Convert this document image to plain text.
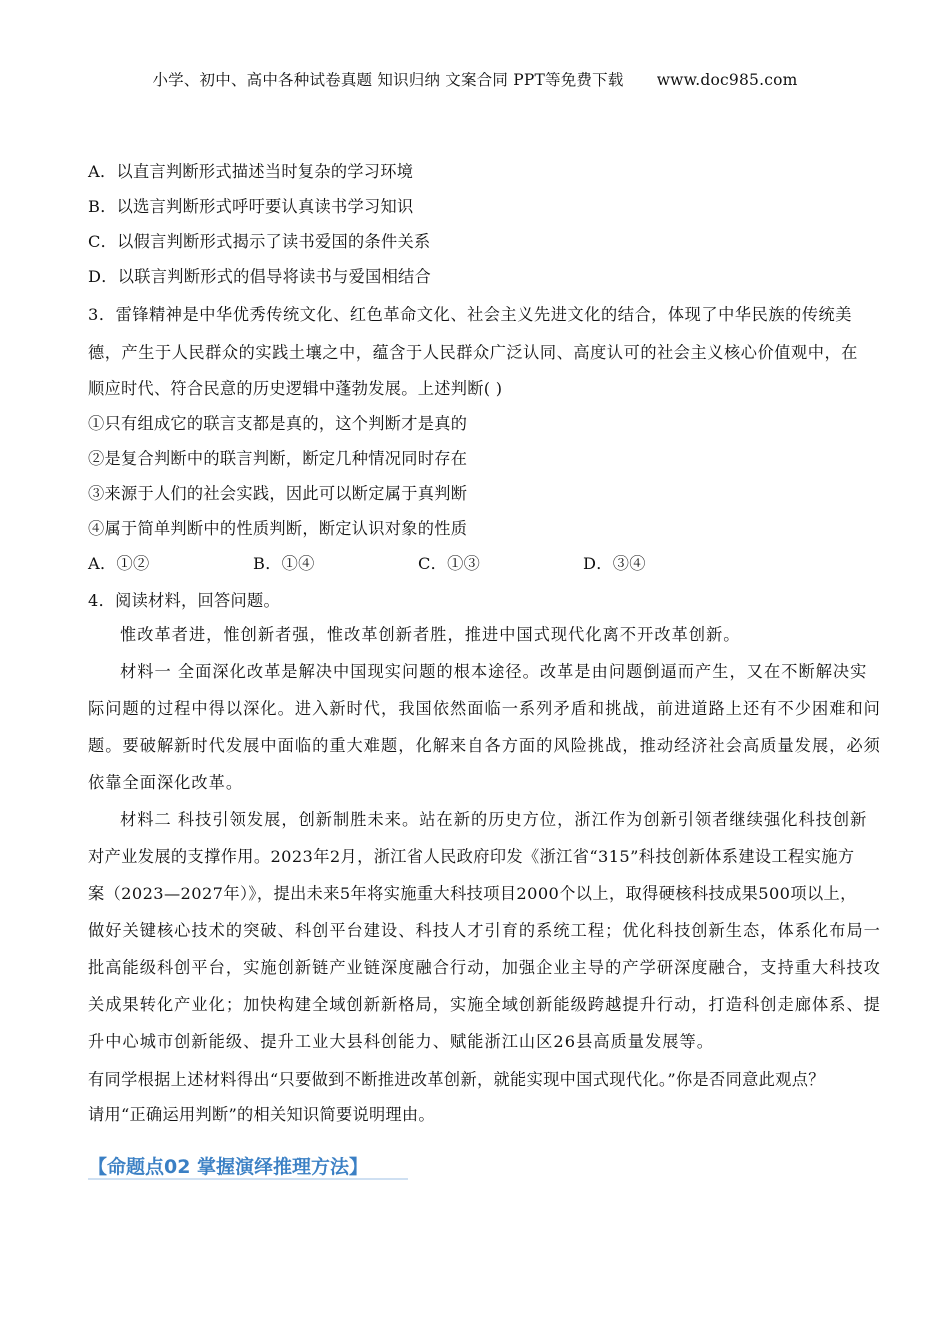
小学、初中、高中各种试卷真题 知识归纳 文案合同 PPT等免费下载 www.doc985.com
A．以直言判断形式描述当时复杂的学习环境
B．以选言判断形式呼吁要认真读书学习知识
C．以假言判断形式揭示了读书爱国的条件关系
D．以联言判断形式的倡导将读书与爱国相结合
3．雷锋精神是中华优秀传统文化、红色革命文化、社会主义先进文化的结合，体现了中华民族的传统美
德，产生于人民群众的实践土壤之中，蕴含于人民群众广泛认同、高度认可的社会主义核心价值观中，在
顺应时代、符合民意的历史逻辑中蓬勃发展。上述判断( )
①只有组成它的联言支都是真的，这个判断才是真的
②是复合判断中的联言判断，断定几种情况同时存在
③来源于人们的社会实践，因此可以断定属于真判断
④属于简单判断中的性质判断，断定认识对象的性质
A．①②	B．①④	C．①③	D．③④
4．阅读材料，回答问题。
惟改革者进，惟创新者强，惟改革创新者胜，推进中国式现代化离不开改革创新。
材料一 全面深化改革是解决中国现实问题的根本途径。改革是由问题倒逼而产生，又在不断解决实
际问题的过程中得以深化。进入新时代，我国依然面临一系列矛盾和挑战，前进道路上还有不少困难和问
题。要破解新时代发展中面临的重大难题，化解来自各方面的风险挑战，推动经济社会高质量发展，必须
依靠全面深化改革。
材料二 科技引领发展，创新制胜未来。站在新的历史方位，浙江作为创新引领者继续强化科技创新
对产业发展的支撑作用。2023年2月，浙江省人民政府印发《浙江省“315”科技创新体系建设工程实施方
案（2023—2027年）》，提出未来5年将实施重大科技项目2000个以上，取得硬核科技成果500项以上，
做好关键核心技术的突破、科创平台建设、科技人才引育的系统工程；优化科技创新生态，体系化布局一
批高能级科创平台，实施创新链产业链深度融合行动，加强企业主导的产学研深度融合，支持重大科技攻
关成果转化产业化；加快构建全域创新新格局，实施全域创新能级跨越提升行动，打造科创走廊体系、提
升中心城市创新能级、提升工业大县科创能力、赋能浙江山区26县高质量发展等。
有同学根据上述材料得出“只要做到不断推进改革创新，就能实现中国式现代化。”你是否同意此观点？
请用“正确运用判断”的相关知识简要说明理由。
【命题点02 掌握演绎推理方法】
